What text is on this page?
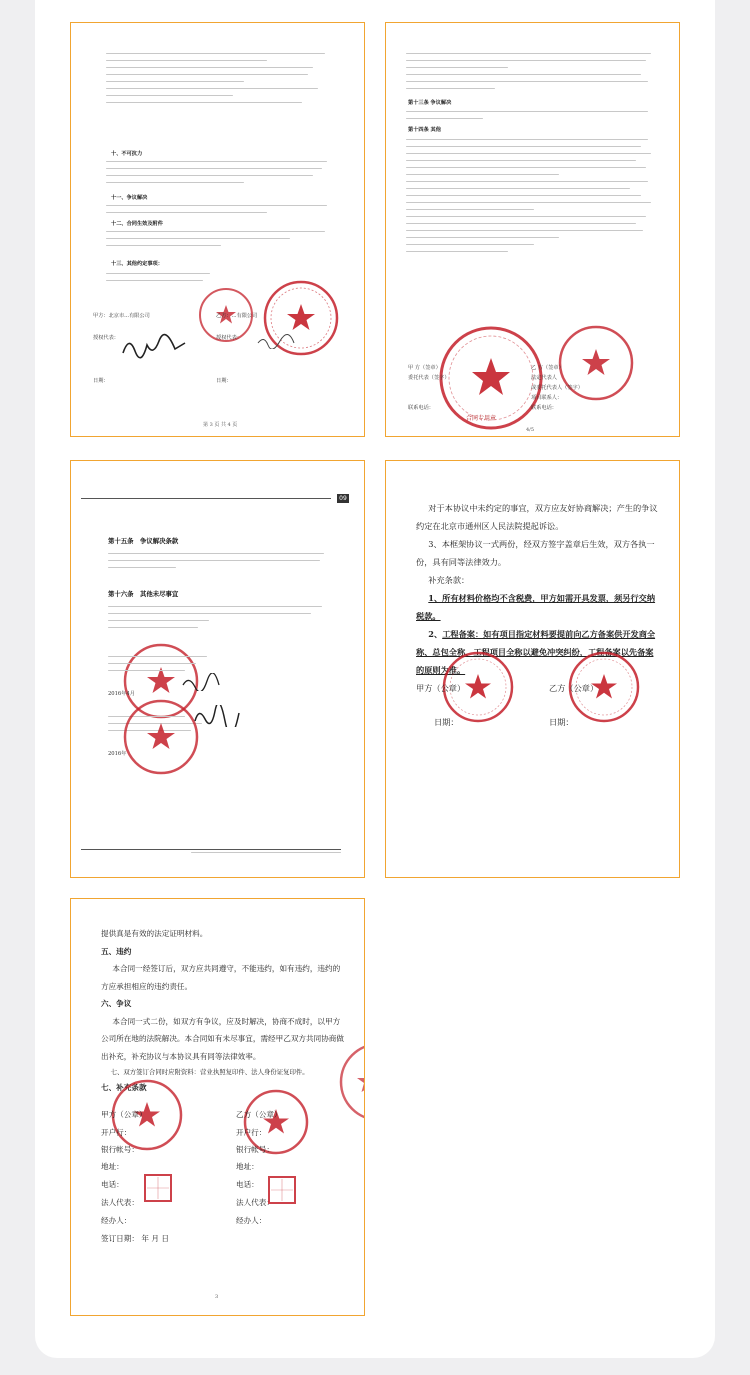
十、不可抗力
十一、争议解决
十二、合同生效及附件
十三、其他约定事项：
甲方：北京市...有限公司	乙方：...有限公司
授权代表：	授权代表：
日期：	日期：
第 3 页 共 4 页
第十三条 争议解决
第十四条 其他
合同专用章
甲 方（签章）	乙 方（签章）
委托代表（签字）	法定代表人
或委托代表人（签字）
项目联系人：
联系电话：	联系电话：
4/5
09
第十五条　争议解决条款
第十六条　其他未尽事宜
2016年4月
2016年

对于本协议中未约定的事宜，双方应友好协商解决；产生的争议约定在北京市通州区人民法院提起诉讼。

3、本框架协议一式两份，经双方签字盖章后生效，双方各执一份，具有同等法律效力。

补充条款：

1、所有材料价格均不含税费，甲方如需开具发票，须另行交纳税款。

2、工程备案：如有项目指定材料要提前向乙方备案供开发商全称、总包全称、工程项目全称以避免冲突纠纷，工程备案以先备案的原则为准。

甲方（公章）	乙方（公章）
日期：	日期：

提供真是有效的法定证明材料。

五、违约

本合同一经签订后，双方应共同遵守，不能违约，如有违约，违约的方应承担相应的违约责任。

六、争议

本合同一式二份，如双方有争议，应及时解决，协商不成时，以甲方公司所在地的法院解决。本合同如有未尽事宜，需经甲乙双方共同协商做出补充，补充协议与本协议具有同等法律效率。

七、双方签订合同时应附资料：营业执照复印件、法人身份证复印件。

七、补充条款

甲方（公章）	乙方（公章）
开户行：	开户行：
银行帐号：	银行帐号：
地址：	地址：
电话：	电话：
法人代表：	法人代表：
经办人：	经办人：
签订日期： 年 月 日
3
